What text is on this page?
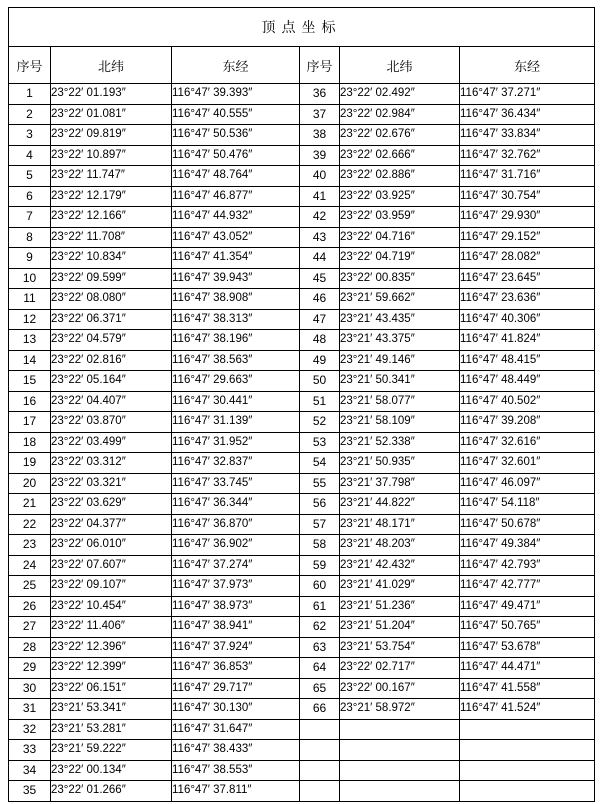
顶点坐标					
序号	北纬	东经	序号	北纬	东经
1	23°22′ 01.193″	116°47′ 39.393″	36	23°22′ 02.492″	116°47′ 37.271″
2	23°22′ 01.081″	116°47′ 40.555″	37	23°22′ 02.984″	116°47′ 36.434″
3	23°22′ 09.819″	116°47′ 50.536″	38	23°22′ 02.676″	116°47′ 33.834″
4	23°22′ 10.897″	116°47′ 50.476″	39	23°22′ 02.666″	116°47′ 32.762″
5	23°22′ 11.747″	116°47′ 48.764″	40	23°22′ 02.886″	116°47′ 31.716″
6	23°22′ 12.179″	116°47′ 46.877″	41	23°22′ 03.925″	116°47′ 30.754″
7	23°22′ 12.166″	116°47′ 44.932″	42	23°22′ 03.959″	116°47′ 29.930″
8	23°22′ 11.708″	116°47′ 43.052″	43	23°22′ 04.716″	116°47′ 29.152″
9	23°22′ 10.834″	116°47′ 41.354″	44	23°22′ 04.719″	116°47′ 28.082″
10	23°22′ 09.599″	116°47′ 39.943″	45	23°22′ 00.835″	116°47′ 23.645″
11	23°22′ 08.080″	116°47′ 38.908″	46	23°21′ 59.662″	116°47′ 23.636″
12	23°22′ 06.371″	116°47′ 38.313″	47	23°21′ 43.435″	116°47′ 40.306″
13	23°22′ 04.579″	116°47′ 38.196″	48	23°21′ 43.375″	116°47′ 41.824″
14	23°22′ 02.816″	116°47′ 38.563″	49	23°21′ 49.146″	116°47′ 48.415″
15	23°22′ 05.164″	116°47′ 29.663″	50	23°21′ 50.341″	116°47′ 48.449″
16	23°22′ 04.407″	116°47′ 30.441″	51	23°21′ 58.077″	116°47′ 40.502″
17	23°22′ 03.870″	116°47′ 31.139″	52	23°21′ 58.109″	116°47′ 39.208″
18	23°22′ 03.499″	116°47′ 31.952″	53	23°21′ 52.338″	116°47′ 32.616″
19	23°22′ 03.312″	116°47′ 32.837″	54	23°21′ 50.935″	116°47′ 32.601″
20	23°22′ 03.321″	116°47′ 33.745″	55	23°21′ 37.798″	116°47′ 46.097″
21	23°22′ 03.629″	116°47′ 36.344″	56	23°21′ 44.822″	116°47′ 54.118″
22	23°22′ 04.377″	116°47′ 36.870″	57	23°21′ 48.171″	116°47′ 50.678″
23	23°22′ 06.010″	116°47′ 36.902″	58	23°21′ 48.203″	116°47′ 49.384″
24	23°22′ 07.607″	116°47′ 37.274″	59	23°21′ 42.432″	116°47′ 42.793″
25	23°22′ 09.107″	116°47′ 37.973″	60	23°21′ 41.029″	116°47′ 42.777″
26	23°22′ 10.454″	116°47′ 38.973″	61	23°21′ 51.236″	116°47′ 49.471″
27	23°22′ 11.406″	116°47′ 38.941″	62	23°21′ 51.204″	116°47′ 50.765″
28	23°22′ 12.396″	116°47′ 37.924″	63	23°21′ 53.754″	116°47′ 53.678″
29	23°22′ 12.399″	116°47′ 36.853″	64	23°22′ 02.717″	116°47′ 44.471″
30	23°22′ 06.151″	116°47′ 29.717″	65	23°22′ 00.167″	116°47′ 41.558″
31	23°21′ 53.341″	116°47′ 30.130″	66	23°21′ 58.972″	116°47′ 41.524″
32	23°21′ 53.281″	116°47′ 31.647″			
33	23°21′ 59.222″	116°47′ 38.433″			
34	23°22′ 00.134″	116°47′ 38.553″			
35	23°22′ 01.266″	116°47′ 37.811″			
